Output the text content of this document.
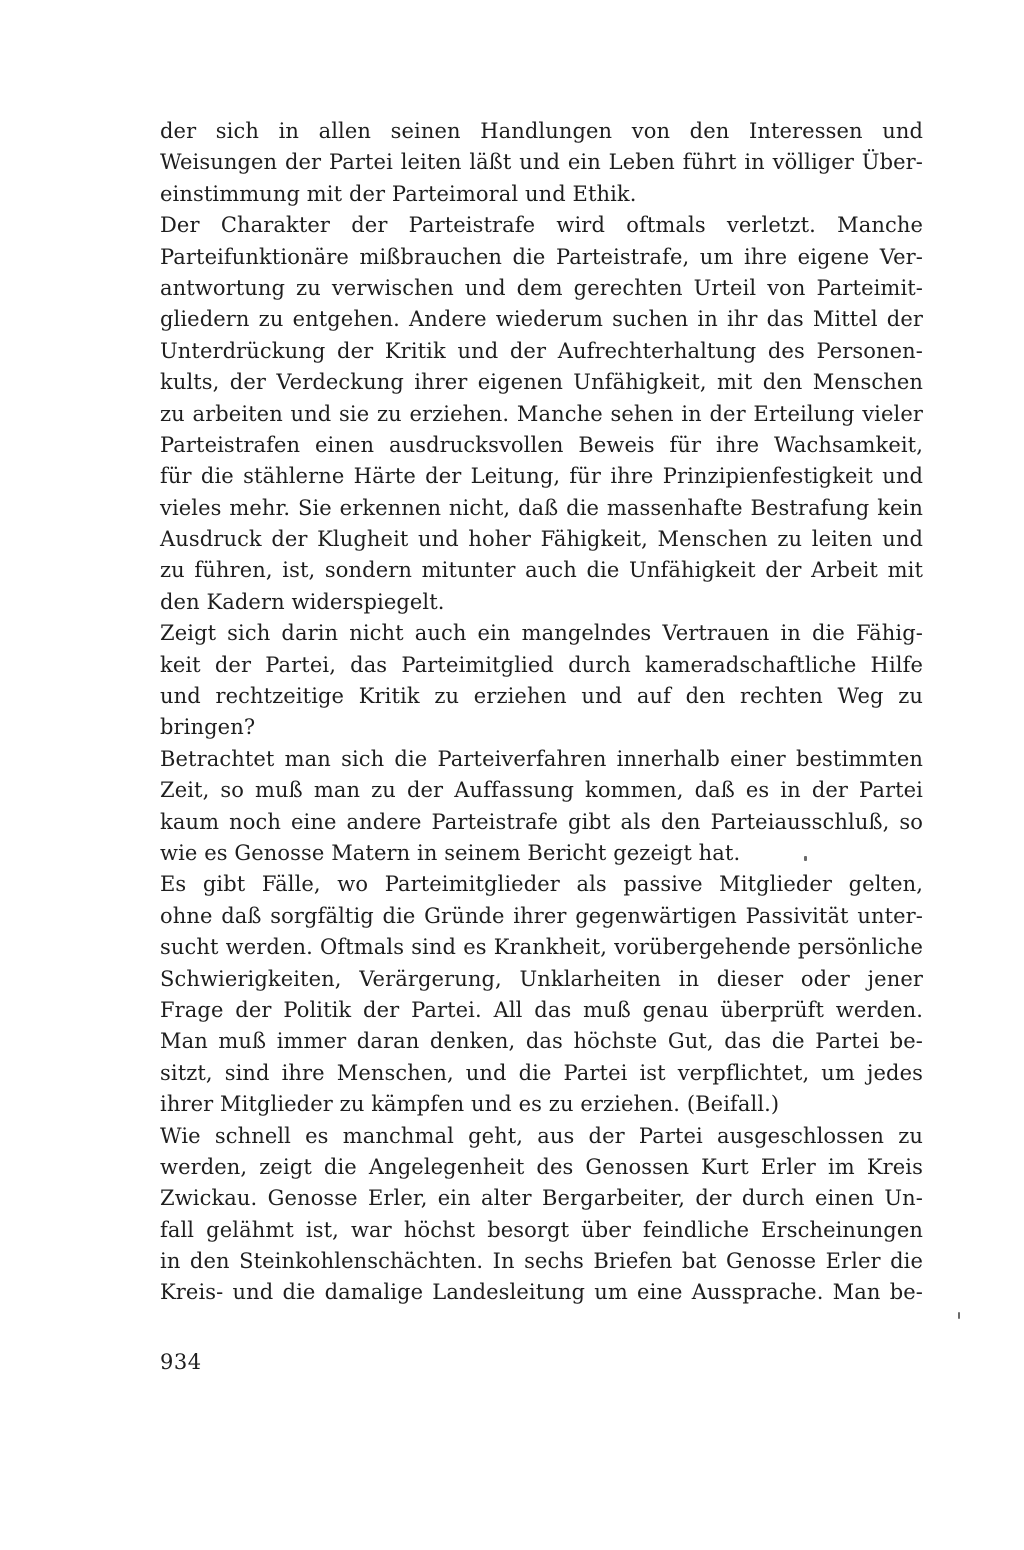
der sich in allen seinen Handlungen von den Interessen und
Weisungen der Partei leiten läßt und ein Leben führt in völliger Über-
einstimmung mit der Parteimoral und Ethik.
Der Charakter der Parteistrafe wird oftmals verletzt. Manche
Parteifunktionäre mißbrauchen die Parteistrafe, um ihre eigene Ver-
antwortung zu verwischen und dem gerechten Urteil von Parteimit-
gliedern zu entgehen. Andere wiederum suchen in ihr das Mittel der
Unterdrückung der Kritik und der Aufrechterhaltung des Personen-
kults, der Verdeckung ihrer eigenen Unfähigkeit, mit den Menschen
zu arbeiten und sie zu erziehen. Manche sehen in der Erteilung vieler
Parteistrafen einen ausdrucksvollen Beweis für ihre Wachsamkeit,
für die stählerne Härte der Leitung, für ihre Prinzipienfestigkeit und
vieles mehr. Sie erkennen nicht, daß die massenhafte Bestrafung kein
Ausdruck der Klugheit und hoher Fähigkeit, Menschen zu leiten und
zu führen, ist, sondern mitunter auch die Unfähigkeit der Arbeit mit
den Kadern widerspiegelt.
Zeigt sich darin nicht auch ein mangelndes Vertrauen in die Fähig-
keit der Partei, das Parteimitglied durch kameradschaftliche Hilfe
und rechtzeitige Kritik zu erziehen und auf den rechten Weg zu
bringen?
Betrachtet man sich die Parteiverfahren innerhalb einer bestimmten
Zeit, so muß man zu der Auffassung kommen, daß es in der Partei
kaum noch eine andere Parteistrafe gibt als den Parteiausschluß, so
wie es Genosse Matern in seinem Bericht gezeigt hat.
Es gibt Fälle, wo Parteimitglieder als passive Mitglieder gelten,
ohne daß sorgfältig die Gründe ihrer gegenwärtigen Passivität unter-
sucht werden. Oftmals sind es Krankheit, vorübergehende persönliche
Schwierigkeiten, Verärgerung, Unklarheiten in dieser oder jener
Frage der Politik der Partei. All das muß genau überprüft werden.
Man muß immer daran denken, das höchste Gut, das die Partei be-
sitzt, sind ihre Menschen, und die Partei ist verpflichtet, um jedes
ihrer Mitglieder zu kämpfen und es zu erziehen. (Beifall.)
Wie schnell es manchmal geht, aus der Partei ausgeschlossen zu
werden, zeigt die Angelegenheit des Genossen Kurt Erler im Kreis
Zwickau. Genosse Erler, ein alter Bergarbeiter, der durch einen Un-
fall gelähmt ist, war höchst besorgt über feindliche Erscheinungen
in den Steinkohlenschächten. In sechs Briefen bat Genosse Erler die
Kreis- und die damalige Landesleitung um eine Aussprache. Man be-
934
